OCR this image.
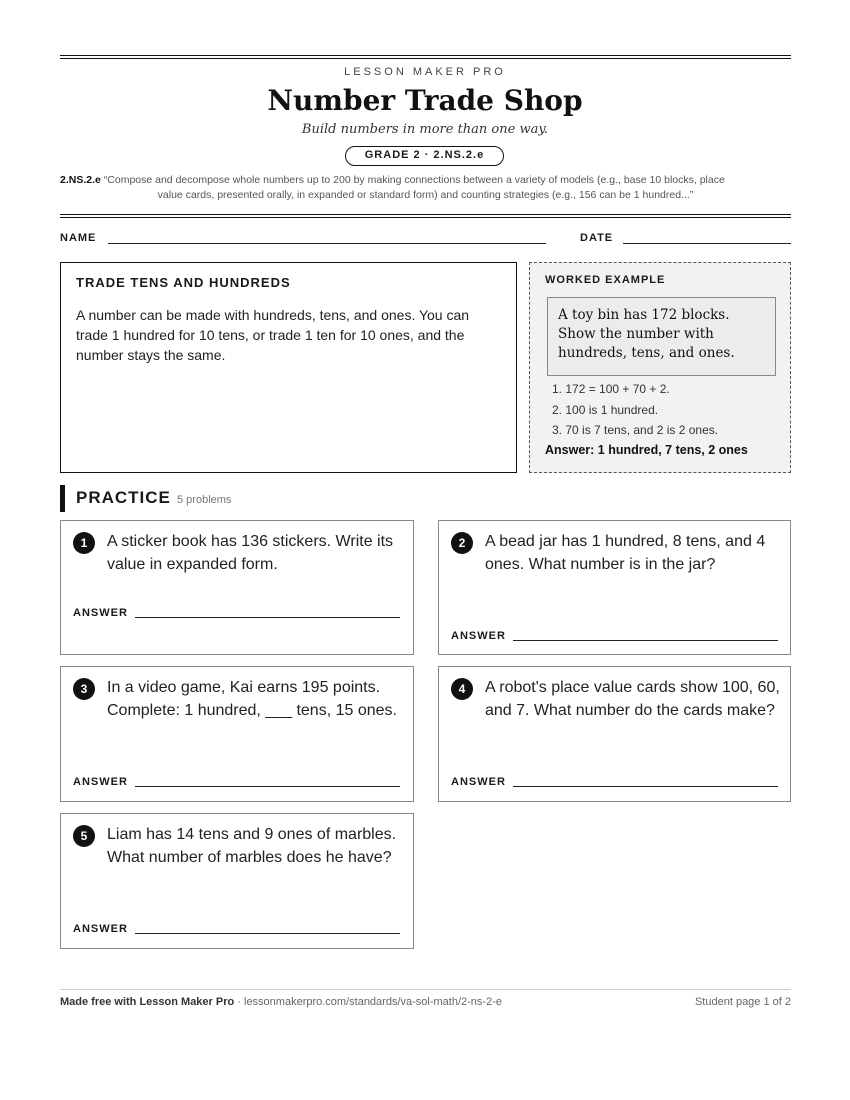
LESSON MAKER PRO
Number Trade Shop
Build numbers in more than one way.
GRADE 2 · 2.NS.2.e
2.NS.2.e “Compose and decompose whole numbers up to 200 by making connections between a variety of models (e.g., base 10 blocks, place
value cards, presented orally, in expanded or standard form) and counting strategies (e.g., 156 can be 1 hundred...”
NAME	DATE
TRADE TENS AND HUNDREDS

A number can be made with hundreds, tens, and ones. You can trade 1 hundred for 10 tens, or trade 1 ten for 10 ones, and the number stays the same.

WORKED EXAMPLE
A toy bin has 172 blocks. Show the number with hundreds, tens, and ones.
1. 172 = 100 + 70 + 2.
2. 100 is 1 hundred.
3. 70 is 7 tens, and 2 is 2 ones.
Answer: 1 hundred, 7 tens, 2 ones
PRACTICE 5 problems
1	A sticker book has 136 stickers. Write its value in expanded form.
ANSWER
2	A bead jar has 1 hundred, 8 tens, and 4 ones. What number is in the jar?
ANSWER
3	In a video game, Kai earns 195 points. Complete: 1 hundred, ___ tens, 15 ones.
ANSWER
4	A robot's place value cards show 100, 60, and 7. What number do the cards make?
ANSWER
5	Liam has 14 tens and 9 ones of marbles. What number of marbles does he have?
ANSWER
Made free with Lesson Maker Pro · lessonmakerpro.com/standards/va-sol-math/2-ns-2-e	Student page 1 of 2
